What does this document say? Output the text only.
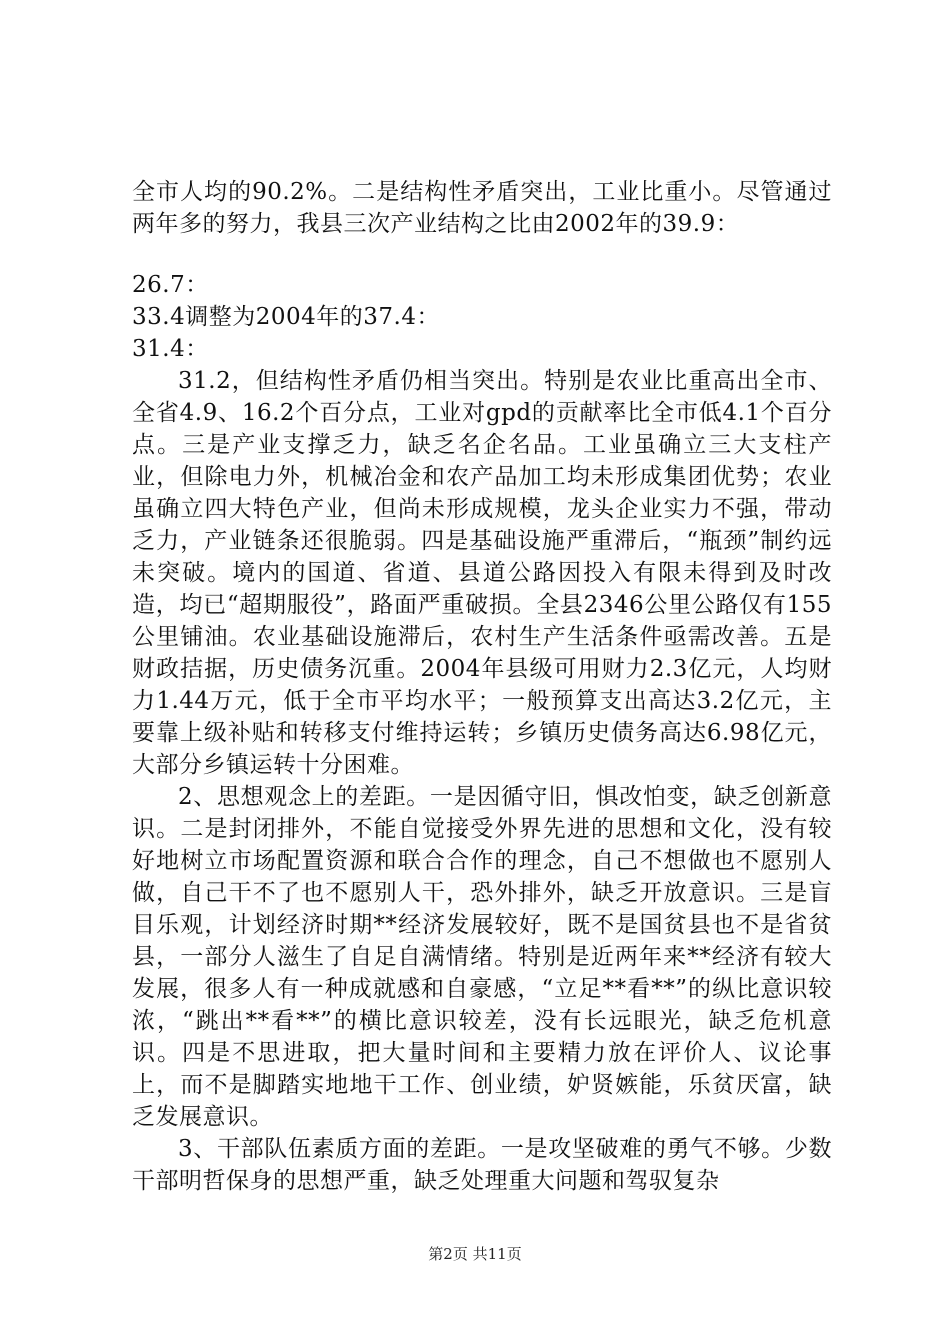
全市人均的90.2%。二是结构性矛盾突出，工业比重小。尽管通过两年多的努力，我县三次产业结构之比由2002年的39.9：

26.7：

33.4调整为2004年的37.4：

31.4：

31.2，但结构性矛盾仍相当突出。特别是农业比重高出全市、全省4.9、16.2个百分点，工业对gpd的贡献率比全市低4.1个百分点。三是产业支撑乏力，缺乏名企名品。工业虽确立三大支柱产业，但除电力外，机械冶金和农产品加工均未形成集团优势；农业虽确立四大特色产业，但尚未形成规模，龙头企业实力不强，带动乏力，产业链条还很脆弱。四是基础设施严重滞后，“瓶颈”制约远未突破。境内的国道、省道、县道公路因投入有限未得到及时改造，均已“超期服役”，路面严重破损。全县2346公里公路仅有155公里铺油。农业基础设施滞后，农村生产生活条件亟需改善。五是财政拮据，历史债务沉重。2004年县级可用财力2.3亿元，人均财力1.44万元，低于全市平均水平；一般预算支出高达3.2亿元，主要靠上级补贴和转移支付维持运转；乡镇历史债务高达6.98亿元，大部分乡镇运转十分困难。

2、思想观念上的差距。一是因循守旧，惧改怕变，缺乏创新意识。二是封闭排外，不能自觉接受外界先进的思想和文化，没有较好地树立市场配置资源和联合合作的理念，自己不想做也不愿别人做，自己干不了也不愿别人干，恐外排外，缺乏开放意识。三是盲目乐观，计划经济时期**经济发展较好，既不是国贫县也不是省贫县，一部分人滋生了自足自满情绪。特别是近两年来**经济有较大发展，很多人有一种成就感和自豪感，“立足**看**”的纵比意识较浓，“跳出**看**”的横比意识较差，没有长远眼光，缺乏危机意识。四是不思进取，把大量时间和主要精力放在评价人、议论事上，而不是脚踏实地地干工作、创业绩，妒贤嫉能，乐贫厌富，缺乏发展意识。

3、干部队伍素质方面的差距。一是攻坚破难的勇气不够。少数干部明哲保身的思想严重，缺乏处理重大问题和驾驭复杂

第2页 共11页
